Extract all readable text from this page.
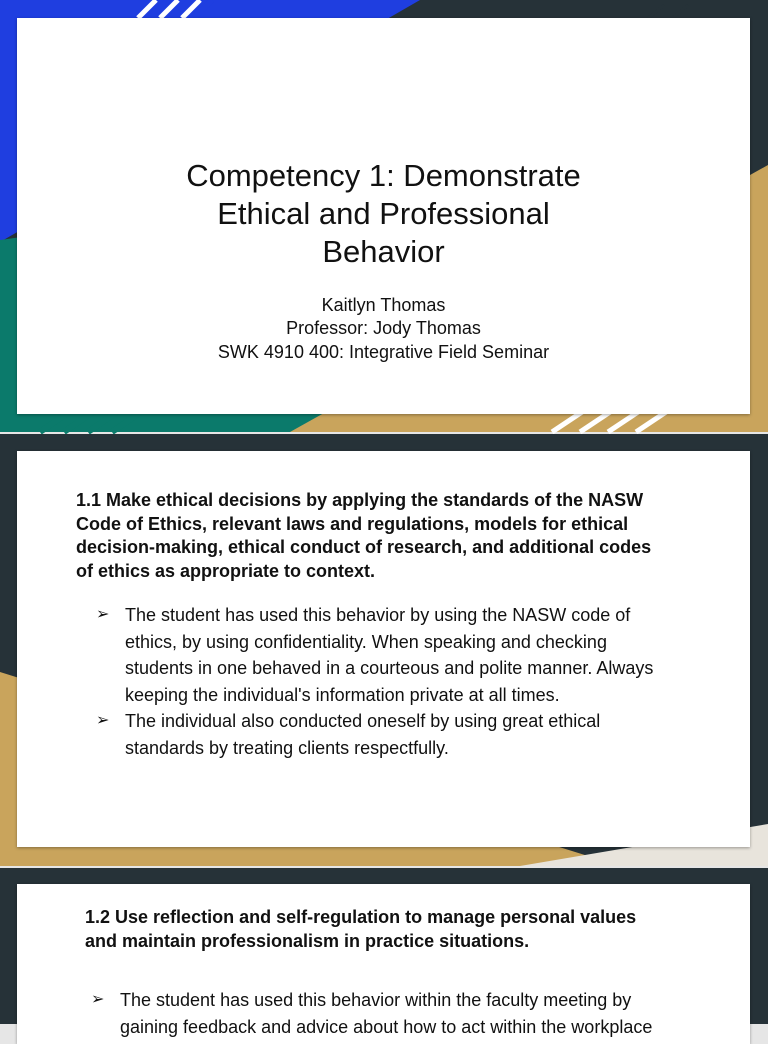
Competency 1: Demonstrate
Ethical and Professional
Behavior
Kaitlyn Thomas
Professor: Jody Thomas
SWK 4910 400: Integrative Field Seminar
1.1 Make ethical decisions by applying the standards of the NASW
Code of Ethics, relevant laws and regulations, models for ethical
decision-making, ethical conduct of research, and additional codes
of ethics as appropriate to context.
➢ The student has used this behavior by using the NASW code of
ethics, by using confidentiality. When speaking and checking
students in one behaved in a courteous and polite manner. Always
keeping the individual's information private at all times.
➢ The individual also conducted oneself by using great ethical
standards by treating clients respectfully.
1.2 Use reflection and self-regulation to manage personal values
and maintain professionalism in practice situations.
➢ The student has used this behavior within the faculty meeting by
gaining feedback and advice about how to act within the workplace
